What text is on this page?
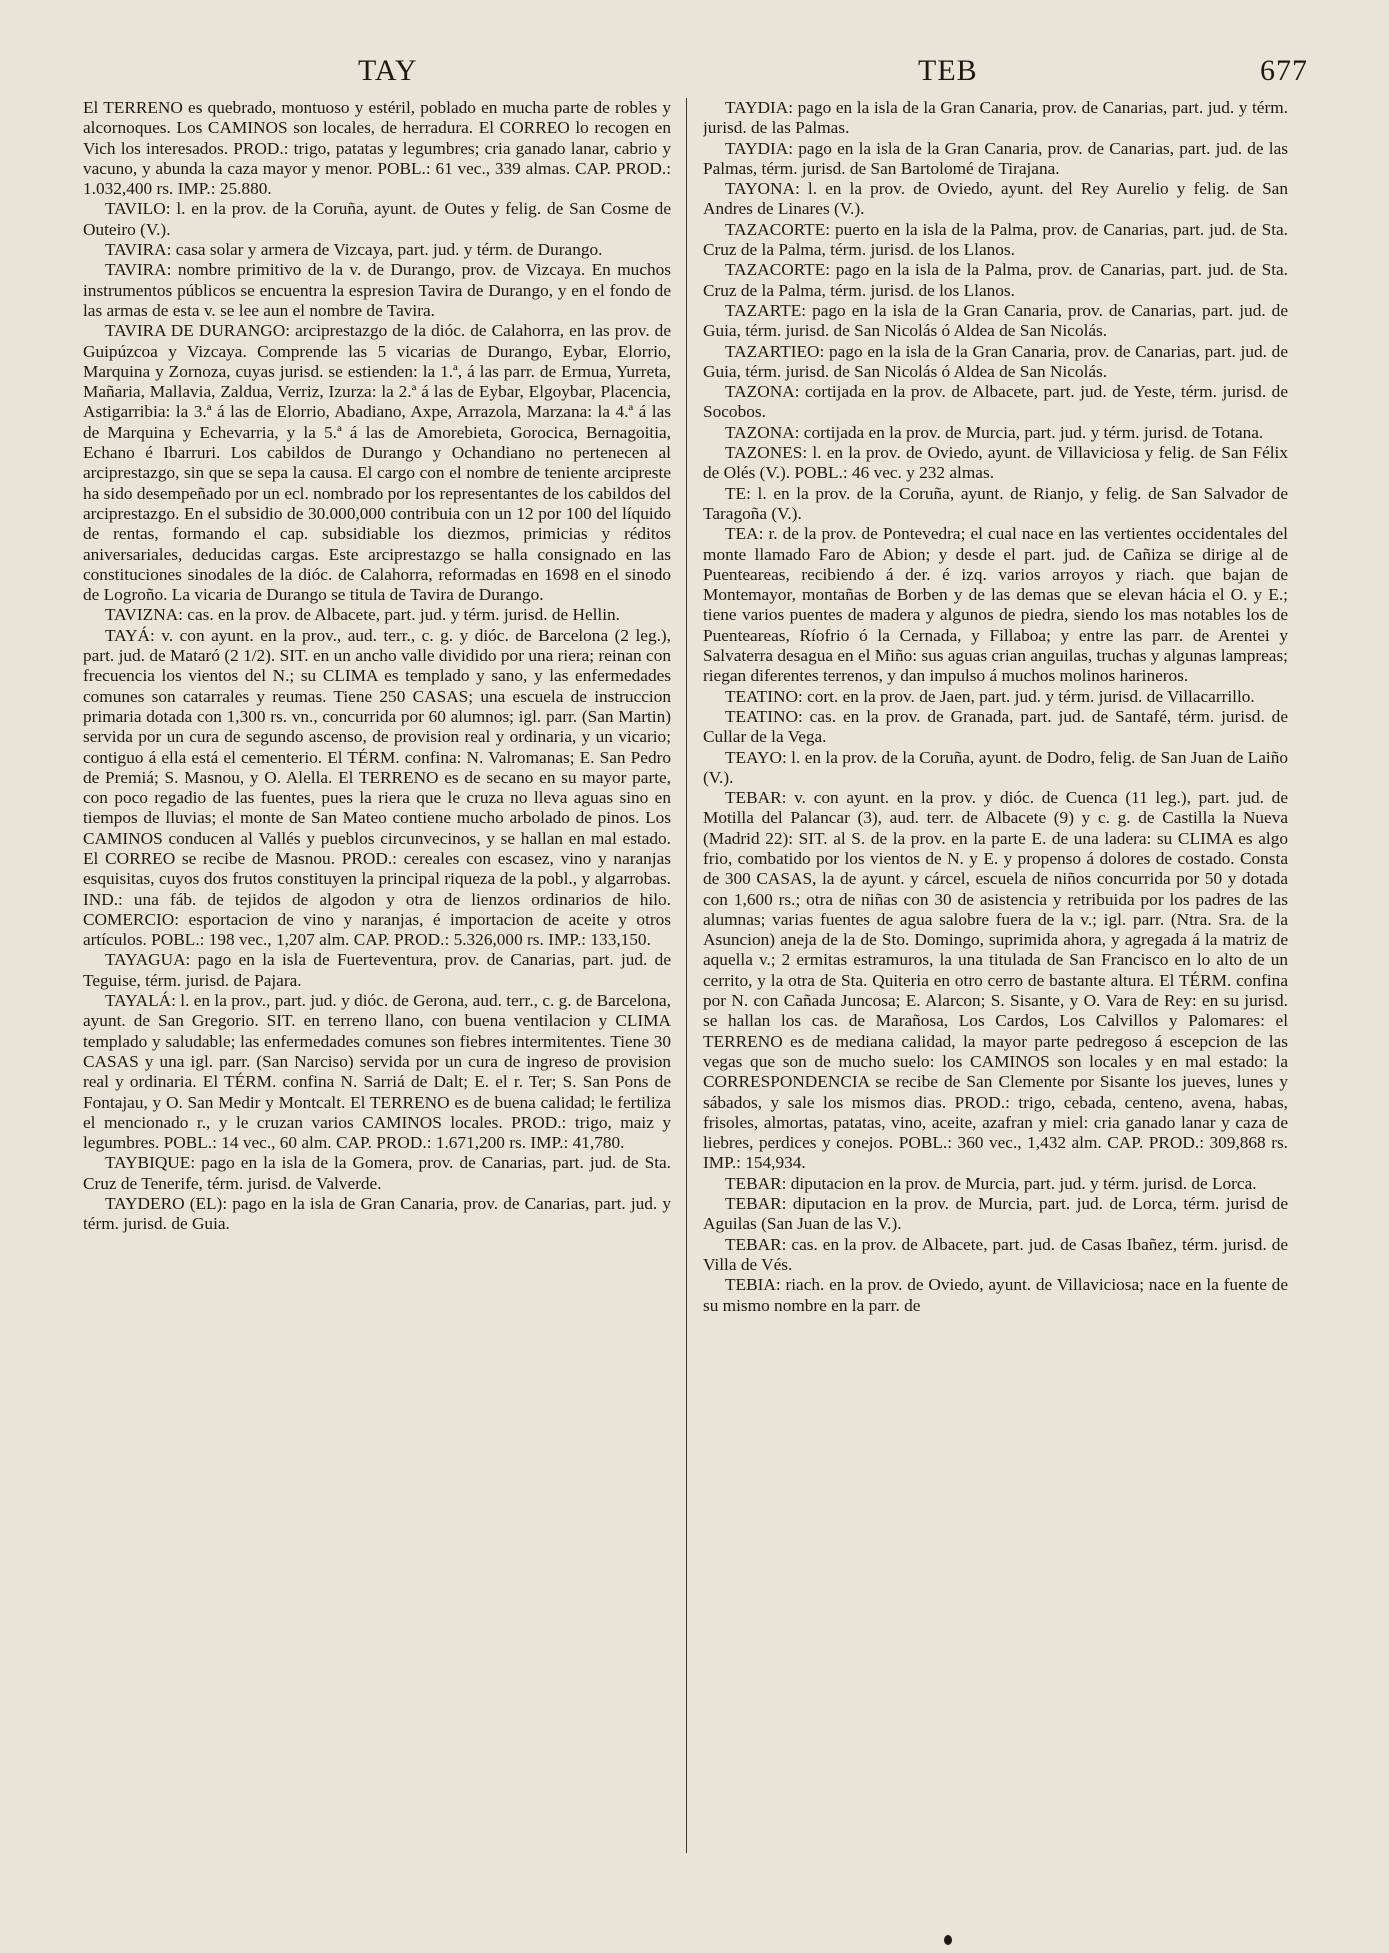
TAY	TEB	677

El TERRENO es quebrado, montuoso y estéril, poblado en mucha parte de robles y alcornoques. Los CAMINOS son locales, de herradura. El CORREO lo recogen en Vich los interesados. PROD.: trigo, patatas y legumbres; cria ganado lanar, cabrio y vacuno, y abunda la caza mayor y menor. POBL.: 61 vec., 339 almas. CAP. PROD.: 1.032,400 rs. IMP.: 25.880.

TAVILO: l. en la prov. de la Coruña, ayunt. de Outes y felig. de San Cosme de Outeiro (V.).

TAVIRA: casa solar y armera de Vizcaya, part. jud. y térm. de Durango.

TAVIRA: nombre primitivo de la v. de Durango, prov. de Vizcaya. En muchos instrumentos públicos se encuentra la espresion Tavira de Durango, y en el fondo de las armas de esta v. se lee aun el nombre de Tavira.

TAVIRA DE DURANGO: arciprestazgo de la dióc. de Calahorra, en las prov. de Guipúzcoa y Vizcaya. Comprende las 5 vicarias de Durango, Eybar, Elorrio, Marquina y Zornoza, cuyas jurisd. se estienden: la 1.ª, á las parr. de Ermua, Yurreta, Mañaria, Mallavia, Zaldua, Verriz, Izurza: la 2.ª á las de Eybar, Elgoybar, Placencia, Astigarribia: la 3.ª á las de Elorrio, Abadiano, Axpe, Arrazola, Marzana: la 4.ª á las de Marquina y Echevarria, y la 5.ª á las de Amorebieta, Gorocica, Bernagoitia, Echano é Ibarruri. Los cabildos de Durango y Ochandiano no pertenecen al arciprestazgo, sin que se sepa la causa. El cargo con el nombre de teniente arcipreste ha sido desempeñado por un ecl. nombrado por los representantes de los cabildos del arciprestazgo. En el subsidio de 30.000,000 contribuia con un 12 por 100 del líquido de rentas, formando el cap. subsidiable los diezmos, primicias y réditos aniversariales, deducidas cargas. Este arciprestazgo se halla consignado en las constituciones sinodales de la dióc. de Calahorra, reformadas en 1698 en el sinodo de Logroño. La vicaria de Durango se titula de Tavira de Durango.

TAVIZNA: cas. en la prov. de Albacete, part. jud. y térm. jurisd. de Hellin.

TAYÁ: v. con ayunt. en la prov., aud. terr., c. g. y dióc. de Barcelona (2 leg.), part. jud. de Mataró (2 1/2). SIT. en un ancho valle dividido por una riera; reinan con frecuencia los vientos del N.; su CLIMA es templado y sano, y las enfermedades comunes son catarrales y reumas. Tiene 250 CASAS; una escuela de instruccion primaria dotada con 1,300 rs. vn., concurrida por 60 alumnos; igl. parr. (San Martin) servida por un cura de segundo ascenso, de provision real y ordinaria, y un vicario; contiguo á ella está el cementerio. El TÉRM. confina: N. Valromanas; E. San Pedro de Premiá; S. Masnou, y O. Alella. El TERRENO es de secano en su mayor parte, con poco regadio de las fuentes, pues la riera que le cruza no lleva aguas sino en tiempos de lluvias; el monte de San Mateo contiene mucho arbolado de pinos. Los CAMINOS conducen al Vallés y pueblos circunvecinos, y se hallan en mal estado. El CORREO se recibe de Masnou. PROD.: cereales con escasez, vino y naranjas esquisitas, cuyos dos frutos constituyen la principal riqueza de la pobl., y algarrobas. IND.: una fáb. de tejidos de algodon y otra de lienzos ordinarios de hilo. COMERCIO: esportacion de vino y naranjas, é importacion de aceite y otros artículos. POBL.: 198 vec., 1,207 alm. CAP. PROD.: 5.326,000 rs. IMP.: 133,150.

TAYAGUA: pago en la isla de Fuerteventura, prov. de Canarias, part. jud. de Teguise, térm. jurisd. de Pajara.

TAYALÁ: l. en la prov., part. jud. y dióc. de Gerona, aud. terr., c. g. de Barcelona, ayunt. de San Gregorio. SIT. en terreno llano, con buena ventilacion y CLIMA templado y saludable; las enfermedades comunes son fiebres intermitentes. Tiene 30 CASAS y una igl. parr. (San Narciso) servida por un cura de ingreso de provision real y ordinaria. El TÉRM. confina N. Sarriá de Dalt; E. el r. Ter; S. San Pons de Fontajau, y O. San Medir y Montcalt. El TERRENO es de buena calidad; le fertiliza el mencionado r., y le cruzan varios CAMINOS locales. PROD.: trigo, maiz y legumbres. POBL.: 14 vec., 60 alm. CAP. PROD.: 1.671,200 rs. IMP.: 41,780.

TAYBIQUE: pago en la isla de la Gomera, prov. de Canarias, part. jud. de Sta. Cruz de Tenerife, térm. jurisd. de Valverde.

TAYDERO (EL): pago en la isla de Gran Canaria, prov. de Canarias, part. jud. y térm. jurisd. de Guia.

TAYDIA: pago en la isla de la Gran Canaria, prov. de Canarias, part. jud. y térm. jurisd. de las Palmas.

TAYDIA: pago en la isla de la Gran Canaria, prov. de Canarias, part. jud. de las Palmas, térm. jurisd. de San Bartolomé de Tirajana.

TAYONA: l. en la prov. de Oviedo, ayunt. del Rey Aurelio y felig. de San Andres de Linares (V.).

TAZACORTE: puerto en la isla de la Palma, prov. de Canarias, part. jud. de Sta. Cruz de la Palma, térm. jurisd. de los Llanos.

TAZACORTE: pago en la isla de la Palma, prov. de Canarias, part. jud. de Sta. Cruz de la Palma, térm. jurisd. de los Llanos.

TAZARTE: pago en la isla de la Gran Canaria, prov. de Canarias, part. jud. de Guia, térm. jurisd. de San Nicolás ó Aldea de San Nicolás.

TAZARTIEO: pago en la isla de la Gran Canaria, prov. de Canarias, part. jud. de Guia, térm. jurisd. de San Nicolás ó Aldea de San Nicolás.

TAZONA: cortijada en la prov. de Albacete, part. jud. de Yeste, térm. jurisd. de Socobos.

TAZONA: cortijada en la prov. de Murcia, part. jud. y térm. jurisd. de Totana.

TAZONES: l. en la prov. de Oviedo, ayunt. de Villaviciosa y felig. de San Félix de Olés (V.). POBL.: 46 vec. y 232 almas.

TE: l. en la prov. de la Coruña, ayunt. de Rianjo, y felig. de San Salvador de Taragoña (V.).

TEA: r. de la prov. de Pontevedra; el cual nace en las vertientes occidentales del monte llamado Faro de Abion; y desde el part. jud. de Cañiza se dirige al de Puenteareas, recibiendo á der. é izq. varios arroyos y riach. que bajan de Montemayor, montañas de Borben y de las demas que se elevan hácia el O. y E.; tiene varios puentes de madera y algunos de piedra, siendo los mas notables los de Puenteareas, Ríofrio ó la Cernada, y Fillaboa; y entre las parr. de Arentei y Salvaterra desagua en el Miño: sus aguas crian anguilas, truchas y algunas lampreas; riegan diferentes terrenos, y dan impulso á muchos molinos harineros.

TEATINO: cort. en la prov. de Jaen, part. jud. y térm. jurisd. de Villacarrillo.

TEATINO: cas. en la prov. de Granada, part. jud. de Santafé, térm. jurisd. de Cullar de la Vega.

TEAYO: l. en la prov. de la Coruña, ayunt. de Dodro, felig. de San Juan de Laiño (V.).

TEBAR: v. con ayunt. en la prov. y dióc. de Cuenca (11 leg.), part. jud. de Motilla del Palancar (3), aud. terr. de Albacete (9) y c. g. de Castilla la Nueva (Madrid 22): SIT. al S. de la prov. en la parte E. de una ladera: su CLIMA es algo frio, combatido por los vientos de N. y E. y propenso á dolores de costado. Consta de 300 CASAS, la de ayunt. y cárcel, escuela de niños concurrida por 50 y dotada con 1,600 rs.; otra de niñas con 30 de asistencia y retribuida por los padres de las alumnas; varias fuentes de agua salobre fuera de la v.; igl. parr. (Ntra. Sra. de la Asuncion) aneja de la de Sto. Domingo, suprimida ahora, y agregada á la matriz de aquella v.; 2 ermitas estramuros, la una titulada de San Francisco en lo alto de un cerrito, y la otra de Sta. Quiteria en otro cerro de bastante altura. El TÉRM. confina por N. con Cañada Juncosa; E. Alarcon; S. Sisante, y O. Vara de Rey: en su jurisd. se hallan los cas. de Marañosa, Los Cardos, Los Calvillos y Palomares: el TERRENO es de mediana calidad, la mayor parte pedregoso á escepcion de las vegas que son de mucho suelo: los CAMINOS son locales y en mal estado: la CORRESPONDENCIA se recibe de San Clemente por Sisante los jueves, lunes y sábados, y sale los mismos dias. PROD.: trigo, cebada, centeno, avena, habas, frisoles, almortas, patatas, vino, aceite, azafran y miel: cria ganado lanar y caza de liebres, perdices y conejos. POBL.: 360 vec., 1,432 alm. CAP. PROD.: 309,868 rs. IMP.: 154,934.

TEBAR: diputacion en la prov. de Murcia, part. jud. y térm. jurisd. de Lorca.

TEBAR: diputacion en la prov. de Murcia, part. jud. de Lorca, térm. jurisd de Aguilas (San Juan de las V.).

TEBAR: cas. en la prov. de Albacete, part. jud. de Casas Ibañez, térm. jurisd. de Villa de Vés.

TEBIA: riach. en la prov. de Oviedo, ayunt. de Villaviciosa; nace en la fuente de su mismo nombre en la parr. de
